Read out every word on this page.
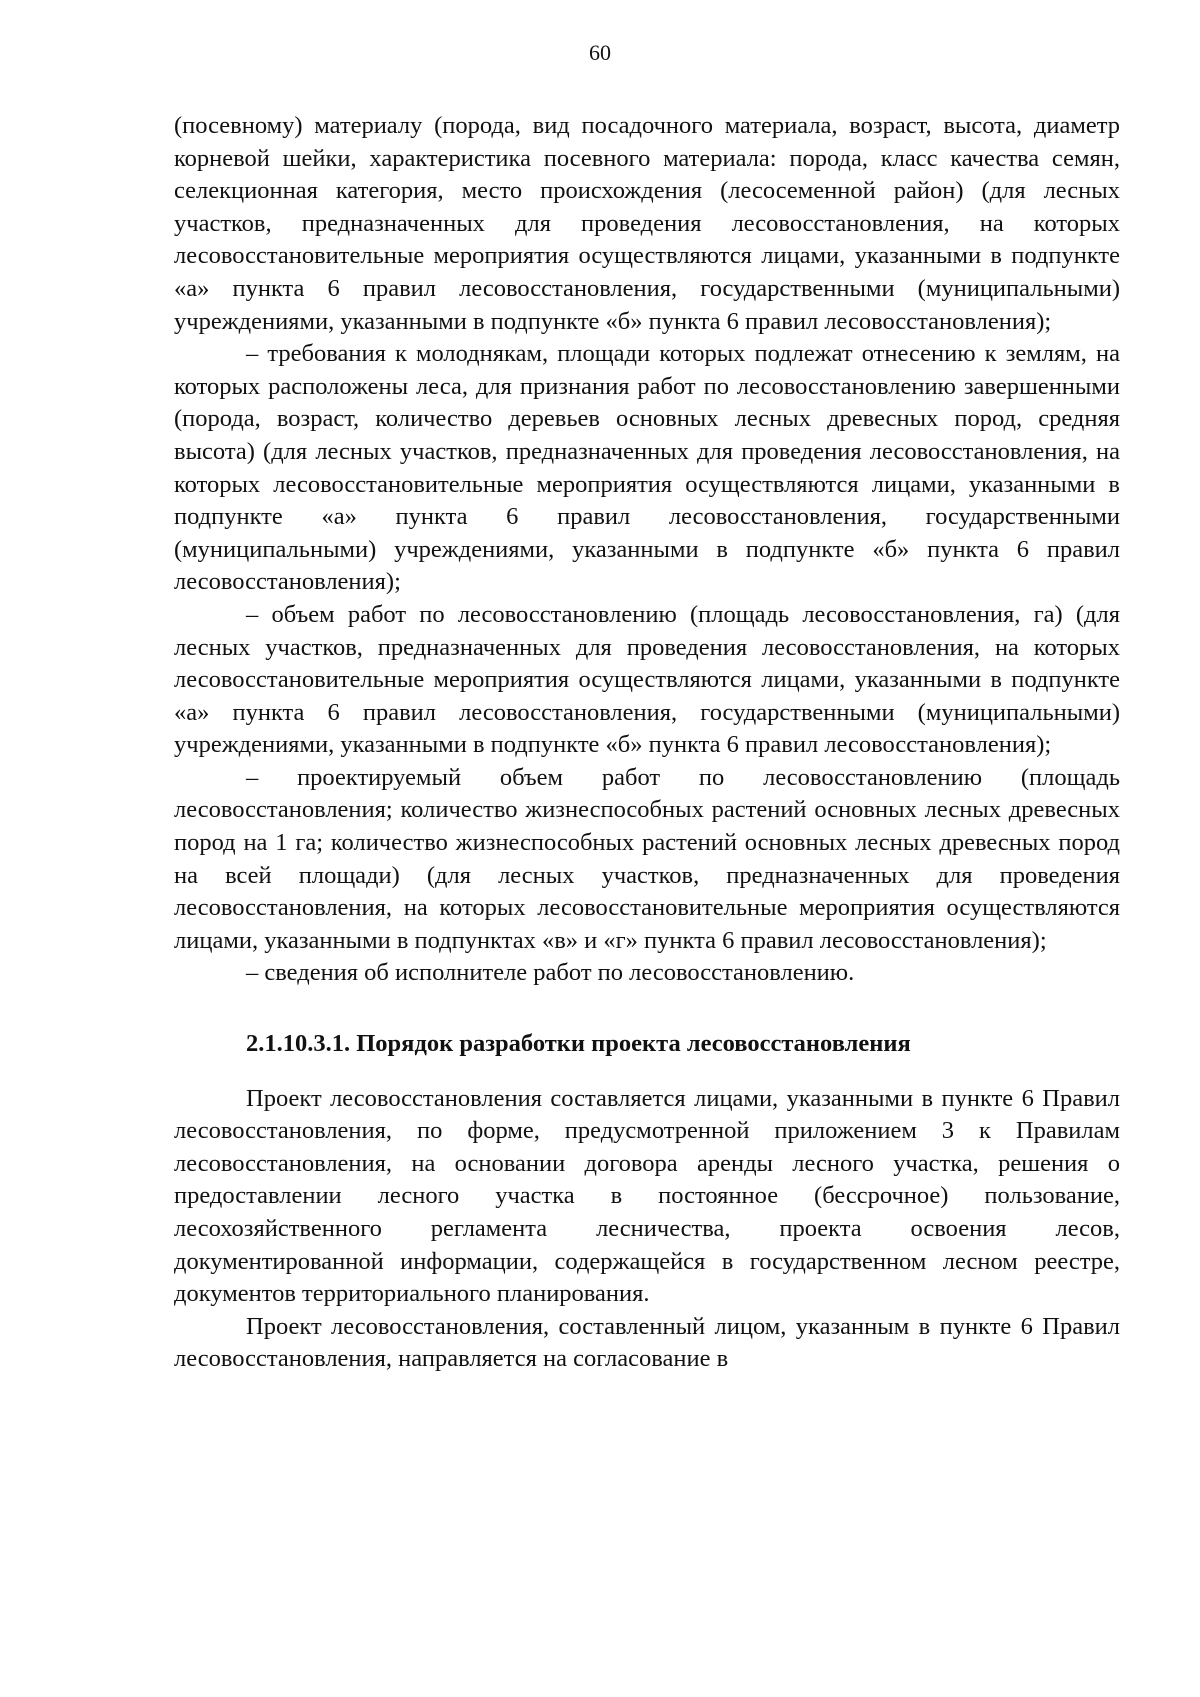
60

(посевному) материалу (порода, вид посадочного материала, возраст, высота, диаметр корневой шейки, характеристика посевного материала: порода, класс качества семян, селекционная категория, место происхождения (лесосеменной район) (для лесных участков, предназначенных для проведения лесовосстановления, на которых лесовосстановительные мероприятия осуществляются лицами, указанными в подпункте «а» пункта 6 правил лесовосстановления, государственными (муниципальными) учреждениями, указанными в подпункте «б» пункта 6 правил лесовосстановления);

– требования к молоднякам, площади которых подлежат отнесению к землям, на которых расположены леса, для признания работ по лесовосстановлению завершенными (порода, возраст, количество деревьев основных лесных древесных пород, средняя высота) (для лесных участков, предназначенных для проведения лесовосстановления, на которых лесовосстановительные мероприятия осуществляются лицами, указанными в подпункте «а» пункта 6 правил лесовосстановления, государственными (муниципальными) учреждениями, указанными в подпункте «б» пункта 6 правил лесовосстановления);

– объем работ по лесовосстановлению (площадь лесовосстановления, га) (для лесных участков, предназначенных для проведения лесовосстановления, на которых лесовосстановительные мероприятия осуществляются лицами, указанными в подпункте «а» пункта 6 правил лесовосстановления, государственными (муниципальными) учреждениями, указанными в подпункте «б» пункта 6 правил лесовосстановления);

– проектируемый объем работ по лесовосстановлению (площадь лесовосстановления; количество жизнеспособных растений основных лесных древесных пород на 1 га; количество жизнеспособных растений основных лесных древесных пород на всей площади) (для лесных участков, предназначенных для проведения лесовосстановления, на которых лесовосстановительные мероприятия осуществляются лицами, указанными в подпунктах «в» и «г» пункта 6 правил лесовосстановления);

– сведения об исполнителе работ по лесовосстановлению.

2.1.10.3.1. Порядок разработки проекта лесовосстановления

Проект лесовосстановления составляется лицами, указанными в пункте 6 Правил лесовосстановления, по форме, предусмотренной приложением 3 к Правилам лесовосстановления, на основании договора аренды лесного участка, решения о предоставлении лесного участка в постоянное (бессрочное) пользование, лесохозяйственного регламента лесничества, проекта освоения лесов, документированной информации, содержащейся в государственном лесном реестре, документов территориального планирования.

Проект лесовосстановления, составленный лицом, указанным в пункте 6 Правил лесовосстановления, направляется на согласование в
